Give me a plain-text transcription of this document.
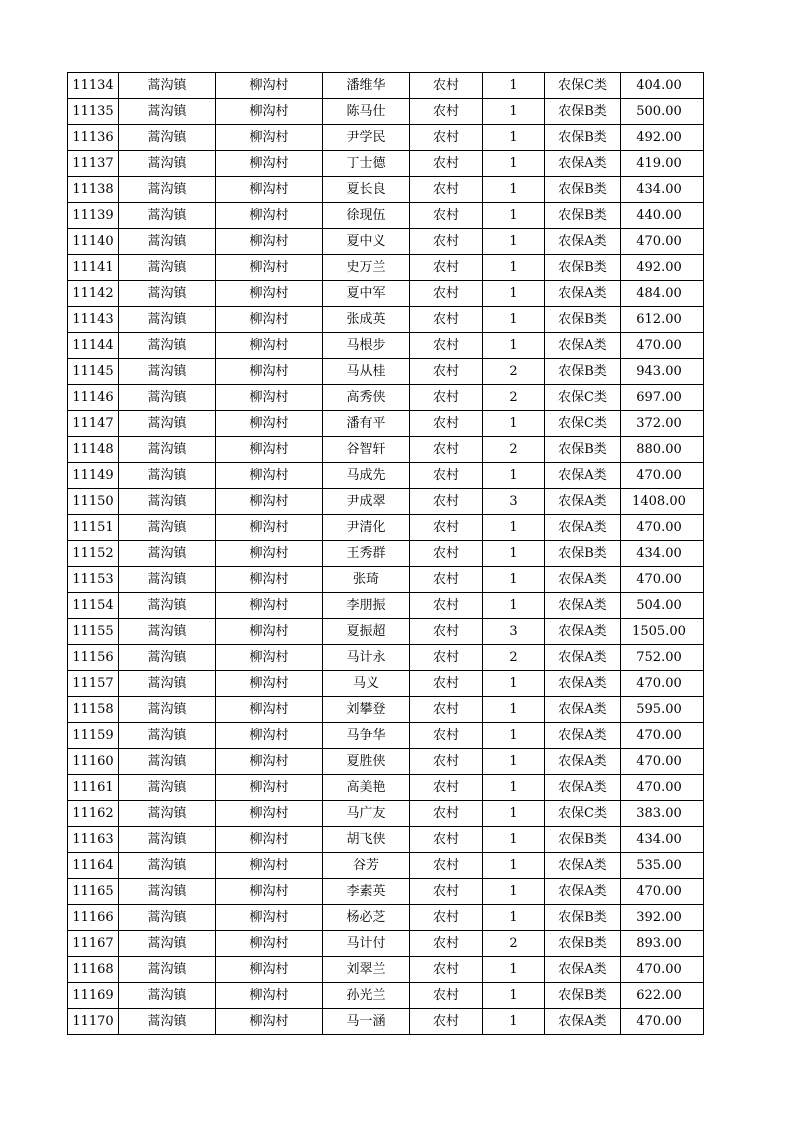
11134	蒿沟镇	柳沟村	潘维华	农村	1	农保C类	404.00
11135	蒿沟镇	柳沟村	陈马仕	农村	1	农保B类	500.00
11136	蒿沟镇	柳沟村	尹学民	农村	1	农保B类	492.00
11137	蒿沟镇	柳沟村	丁士德	农村	1	农保A类	419.00
11138	蒿沟镇	柳沟村	夏长良	农村	1	农保B类	434.00
11139	蒿沟镇	柳沟村	徐现伍	农村	1	农保B类	440.00
11140	蒿沟镇	柳沟村	夏中义	农村	1	农保A类	470.00
11141	蒿沟镇	柳沟村	史万兰	农村	1	农保B类	492.00
11142	蒿沟镇	柳沟村	夏中军	农村	1	农保A类	484.00
11143	蒿沟镇	柳沟村	张成英	农村	1	农保B类	612.00
11144	蒿沟镇	柳沟村	马根步	农村	1	农保A类	470.00
11145	蒿沟镇	柳沟村	马从桂	农村	2	农保B类	943.00
11146	蒿沟镇	柳沟村	高秀侠	农村	2	农保C类	697.00
11147	蒿沟镇	柳沟村	潘有平	农村	1	农保C类	372.00
11148	蒿沟镇	柳沟村	谷智轩	农村	2	农保B类	880.00
11149	蒿沟镇	柳沟村	马成先	农村	1	农保A类	470.00
11150	蒿沟镇	柳沟村	尹成翠	农村	3	农保A类	1408.00
11151	蒿沟镇	柳沟村	尹清化	农村	1	农保A类	470.00
11152	蒿沟镇	柳沟村	王秀群	农村	1	农保B类	434.00
11153	蒿沟镇	柳沟村	张琦	农村	1	农保A类	470.00
11154	蒿沟镇	柳沟村	李朋振	农村	1	农保A类	504.00
11155	蒿沟镇	柳沟村	夏振超	农村	3	农保A类	1505.00
11156	蒿沟镇	柳沟村	马计永	农村	2	农保A类	752.00
11157	蒿沟镇	柳沟村	马义	农村	1	农保A类	470.00
11158	蒿沟镇	柳沟村	刘攀登	农村	1	农保A类	595.00
11159	蒿沟镇	柳沟村	马争华	农村	1	农保A类	470.00
11160	蒿沟镇	柳沟村	夏胜侠	农村	1	农保A类	470.00
11161	蒿沟镇	柳沟村	高美艳	农村	1	农保A类	470.00
11162	蒿沟镇	柳沟村	马广友	农村	1	农保C类	383.00
11163	蒿沟镇	柳沟村	胡飞侠	农村	1	农保B类	434.00
11164	蒿沟镇	柳沟村	谷芳	农村	1	农保A类	535.00
11165	蒿沟镇	柳沟村	李素英	农村	1	农保A类	470.00
11166	蒿沟镇	柳沟村	杨必芝	农村	1	农保B类	392.00
11167	蒿沟镇	柳沟村	马计付	农村	2	农保B类	893.00
11168	蒿沟镇	柳沟村	刘翠兰	农村	1	农保A类	470.00
11169	蒿沟镇	柳沟村	孙光兰	农村	1	农保B类	622.00
11170	蒿沟镇	柳沟村	马一涵	农村	1	农保A类	470.00
